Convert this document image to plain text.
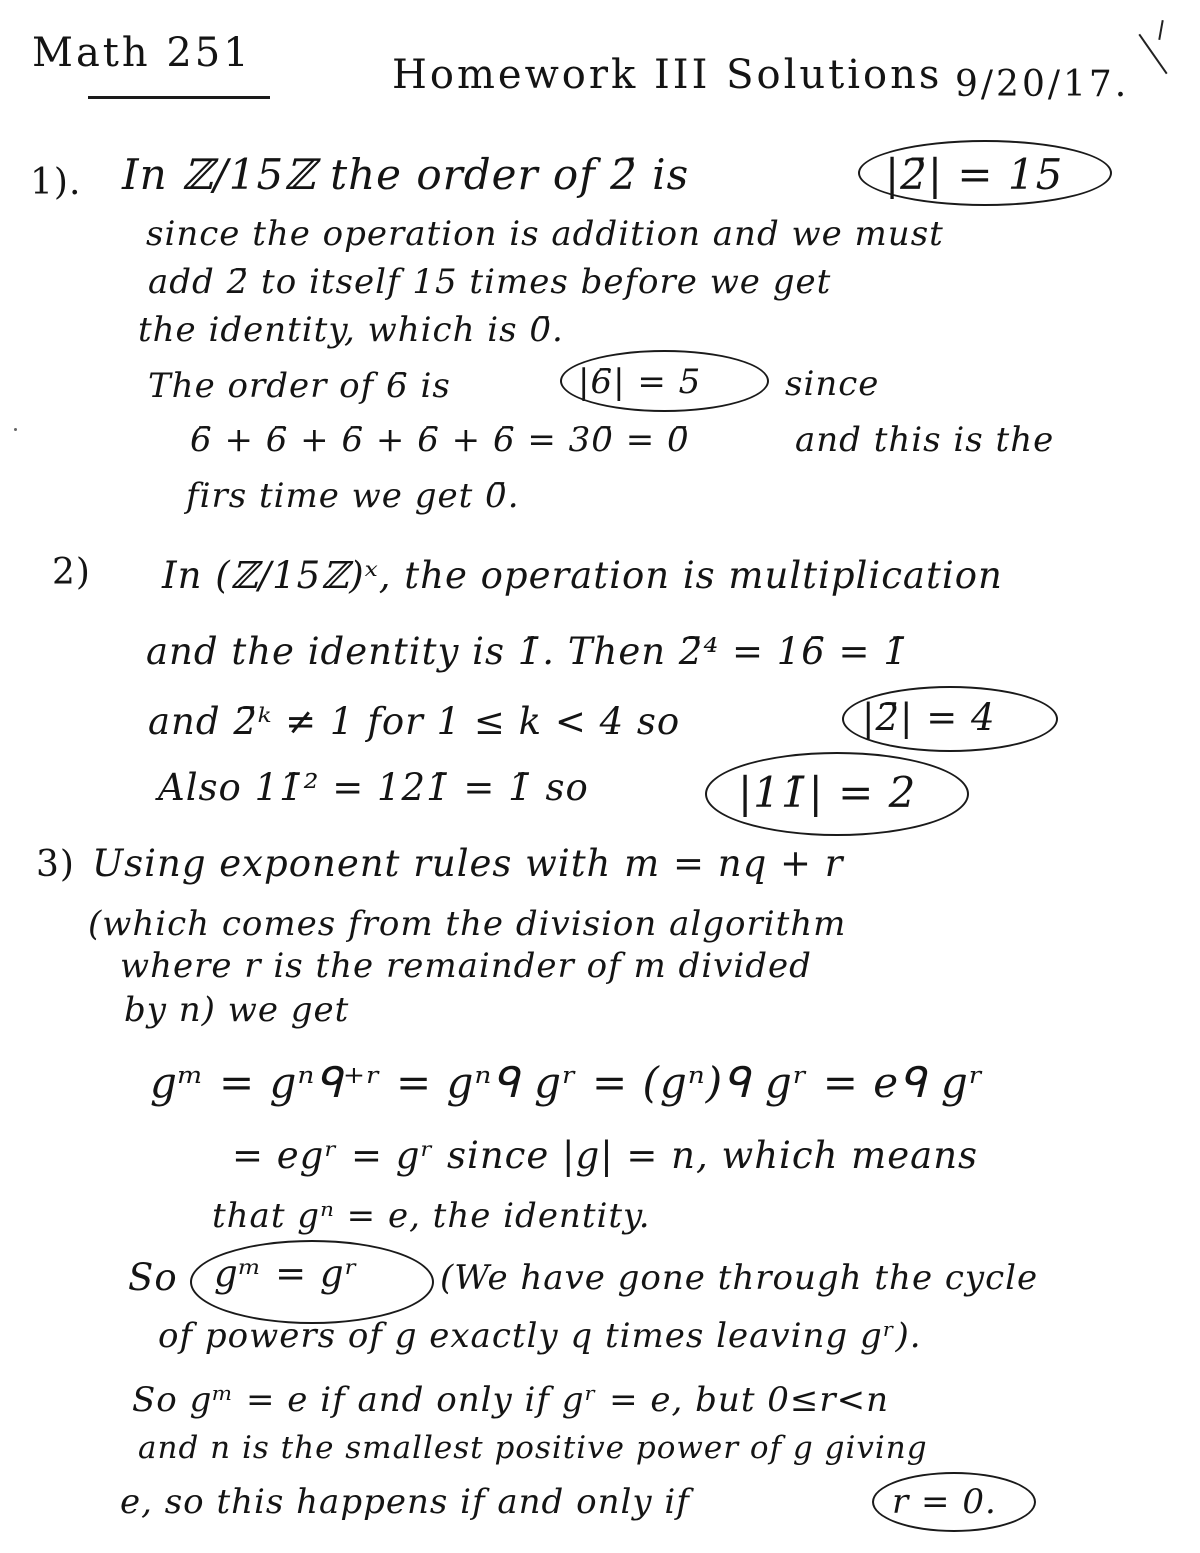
Math 251	Homework III Solutions 9/20/17.
1). In ℤ/15ℤ the order of 2̄ is	|2̄| = 15
since the operation is addition and we must
add 2̄ to itself 15 times before we get
the identity, which is 0̄.
The order of 6̄ is	|6̄| = 5 since
6̄ + 6̄ + 6̄ + 6̄ + 6̄ = 30̄ = 0̄	and this is the
firs time we get 0̄.
2) In (ℤ/15ℤ)ˣ, the operation is multiplication
and the identity is 1̄. Then 2̄⁴ = 16̄ = 1̄
and 2̄ᵏ ≠ 1 for 1 ≤ k < 4 so	|2̄| = 4
Also 11̄² = 121̄ = 1̄ so	|11̄| = 2
3) Using exponent rules with m = nq + r
(which comes from the division algorithm
where r is the remainder of m divided
by n) we get
gᵐ = gⁿᑫ⁺ʳ = gⁿᑫ gʳ = (gⁿ)ᑫ gʳ = eᑫ gʳ
= egʳ = gʳ since |g| = n, which means
that gⁿ = e, the identity.
So gᵐ = gʳ (We have gone through the cycle
of powers of g exactly q times leaving gʳ).
So gᵐ = e if and only if gʳ = e, but 0≤r<n
and n is the smallest positive power of g giving
e, so this happens if and only if	r = 0.
